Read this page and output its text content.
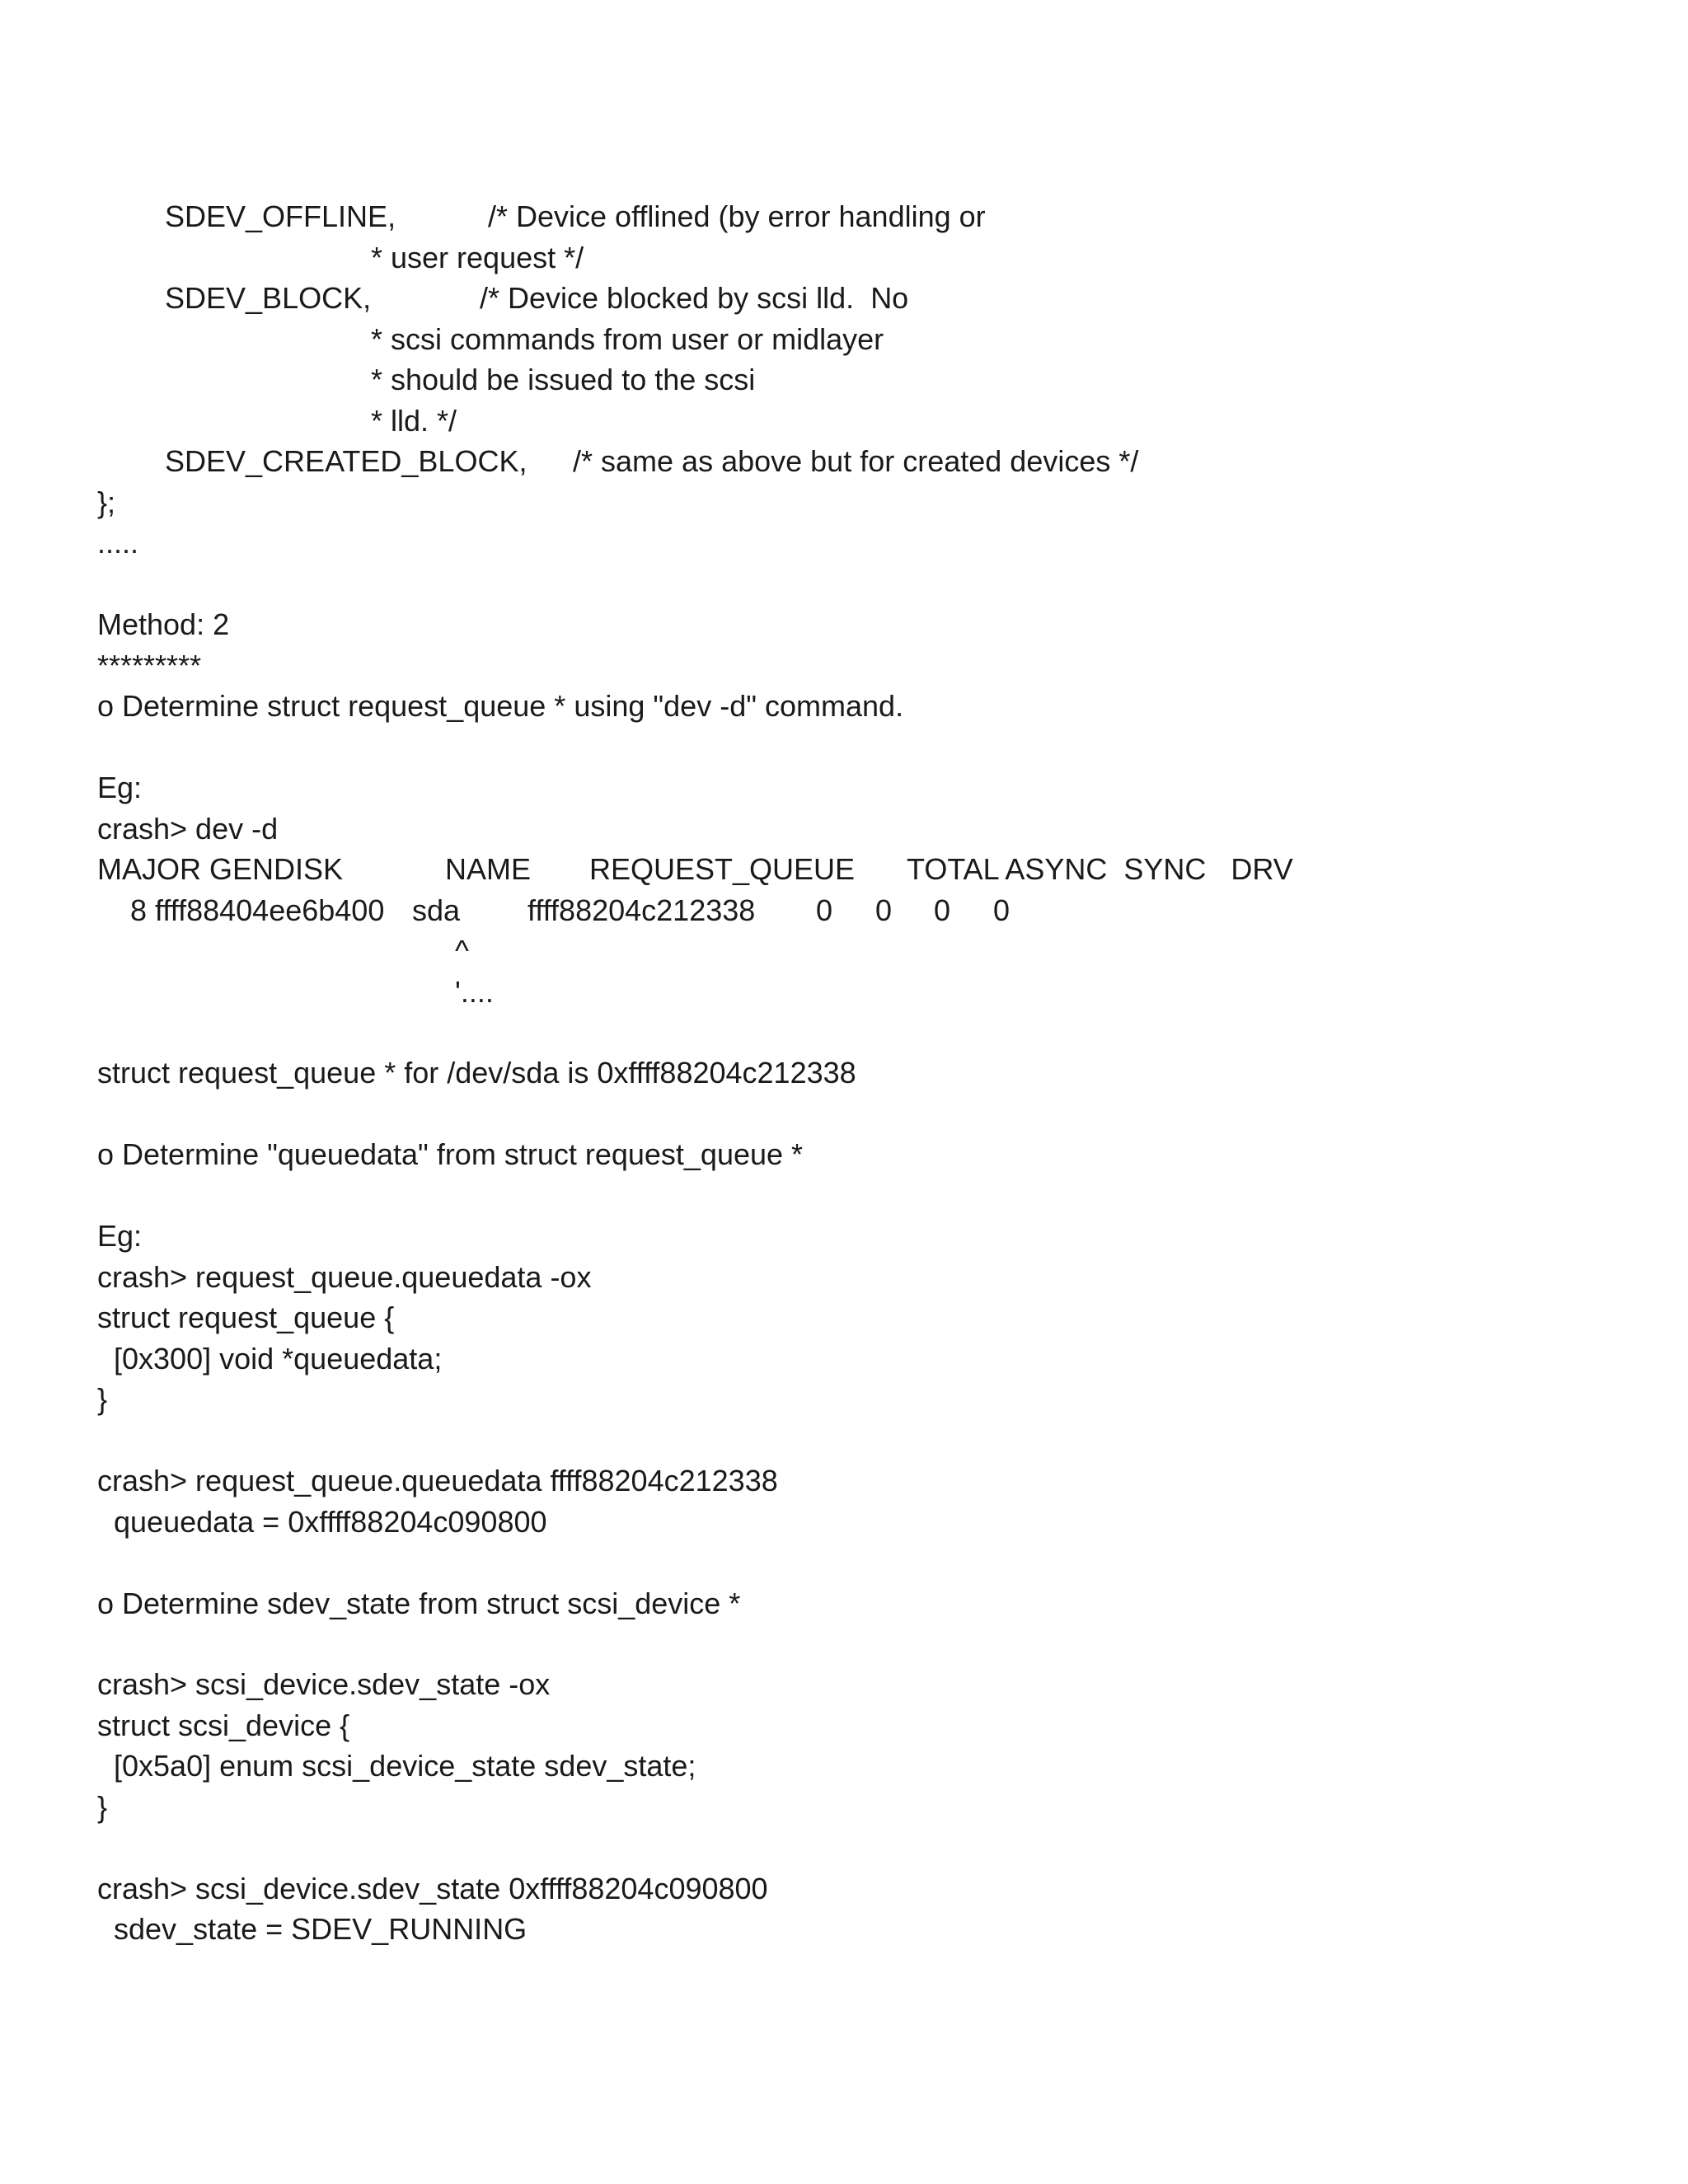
SDEV_OFFLINE,	/* Device offlined (by error handling or

* user request */

SDEV_BLOCK,	/* Device blocked by scsi lld.  No

* scsi commands from user or midlayer

* should be issued to the scsi

* lld. */

SDEV_CREATED_BLOCK, /* same as above but for created devices */

};

.....

Method: 2

*********

o Determine struct request_queue * using "dev -d" command.

Eg:

crash> dev -d

MAJOR GENDISK	NAME REQUEST_QUEUE TOTAL ASYNC  SYNC   DRV

8 ffff88404ee6b400 sda ffff88204c212338 0 0 0 0

^

'....

struct request_queue * for /dev/sda is 0xffff88204c212338

o Determine "queuedata" from struct request_queue *

Eg:

crash> request_queue.queuedata -ox

struct request_queue {

[0x300] void *queuedata;

}

crash> request_queue.queuedata ffff88204c212338

queuedata = 0xffff88204c090800

o Determine sdev_state from struct scsi_device *

crash> scsi_device.sdev_state -ox

struct scsi_device {

[0x5a0] enum scsi_device_state sdev_state;

}

crash> scsi_device.sdev_state 0xffff88204c090800

sdev_state = SDEV_RUNNING
